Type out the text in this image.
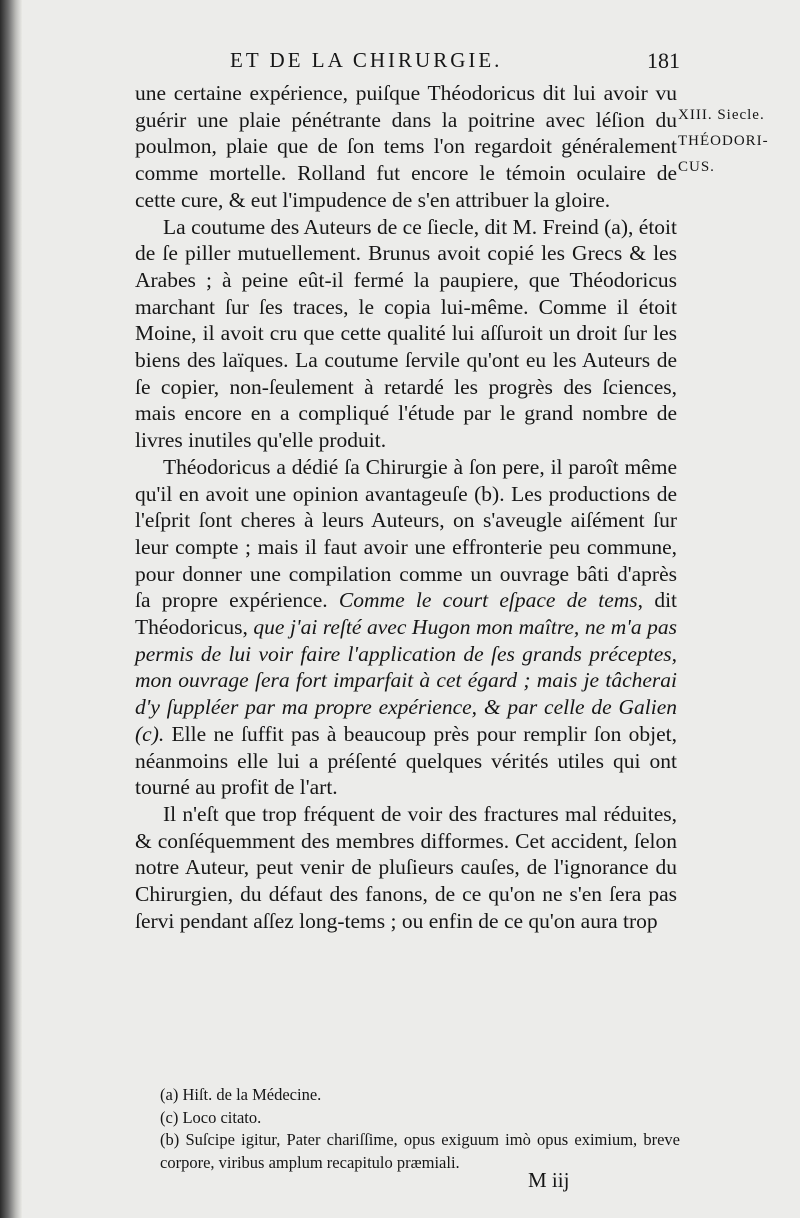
ET DE LA CHIRURGIE.	181
XIII. Siecle.
THÉODORI-
CUS.

une certaine expérience, puiſque Théodoricus dit lui avoir vu guérir une plaie pénétrante dans la poitrine avec léſion du poulmon, plaie que de ſon tems l'on regardoit généralement comme mortelle. Rolland fut encore le témoin oculaire de cette cure, & eut l'impudence de s'en attribuer la gloire.

La coutume des Auteurs de ce ſiecle, dit M. Freind (a), étoit de ſe piller mutuellement. Brunus avoit copié les Grecs & les Arabes ; à peine eût-il fermé la paupiere, que Théodoricus marchant ſur ſes traces, le copia lui-même. Comme il étoit Moine, il avoit cru que cette qualité lui aſſuroit un droit ſur les biens des laïques. La coutume ſervile qu'ont eu les Auteurs de ſe copier, non-ſeulement à retardé les progrès des ſciences, mais encore en a compliqué l'étude par le grand nombre de livres inutiles qu'elle produit.

Théodoricus a dédié ſa Chirurgie à ſon pere, il paroît même qu'il en avoit une opinion avantageuſe (b). Les productions de l'eſprit ſont cheres à leurs Auteurs, on s'aveugle aiſément ſur leur compte ; mais il faut avoir une effronterie peu commune, pour donner une compilation comme un ouvrage bâti d'après ſa propre expérience. Comme le court eſpace de tems, dit Théodoricus, que j'ai reſté avec Hugon mon maître, ne m'a pas permis de lui voir faire l'application de ſes grands préceptes, mon ouvrage ſera fort imparfait à cet égard ; mais je tâcherai d'y ſuppléer par ma propre expérience, & par celle de Galien (c). Elle ne ſuffit pas à beaucoup près pour remplir ſon objet, néanmoins elle lui a préſenté quelques vérités utiles qui ont tourné au profit de l'art.

Il n'eſt que trop fréquent de voir des fractures mal réduites, & conſéquemment des membres difformes. Cet accident, ſelon notre Auteur, peut venir de pluſieurs cauſes, de l'ignorance du Chirurgien, du défaut des fanons, de ce qu'on ne s'en ſera pas ſervi pendant aſſez long-tems ; ou enfin de ce qu'on aura trop

(a) Hiſt. de la Médecine.

(c) Loco citato.

(b) Suſcipe igitur, Pater chariſſime, opus exiguum imò opus eximium, breve corpore, viribus amplum recapitulo præmiali.

M iij
